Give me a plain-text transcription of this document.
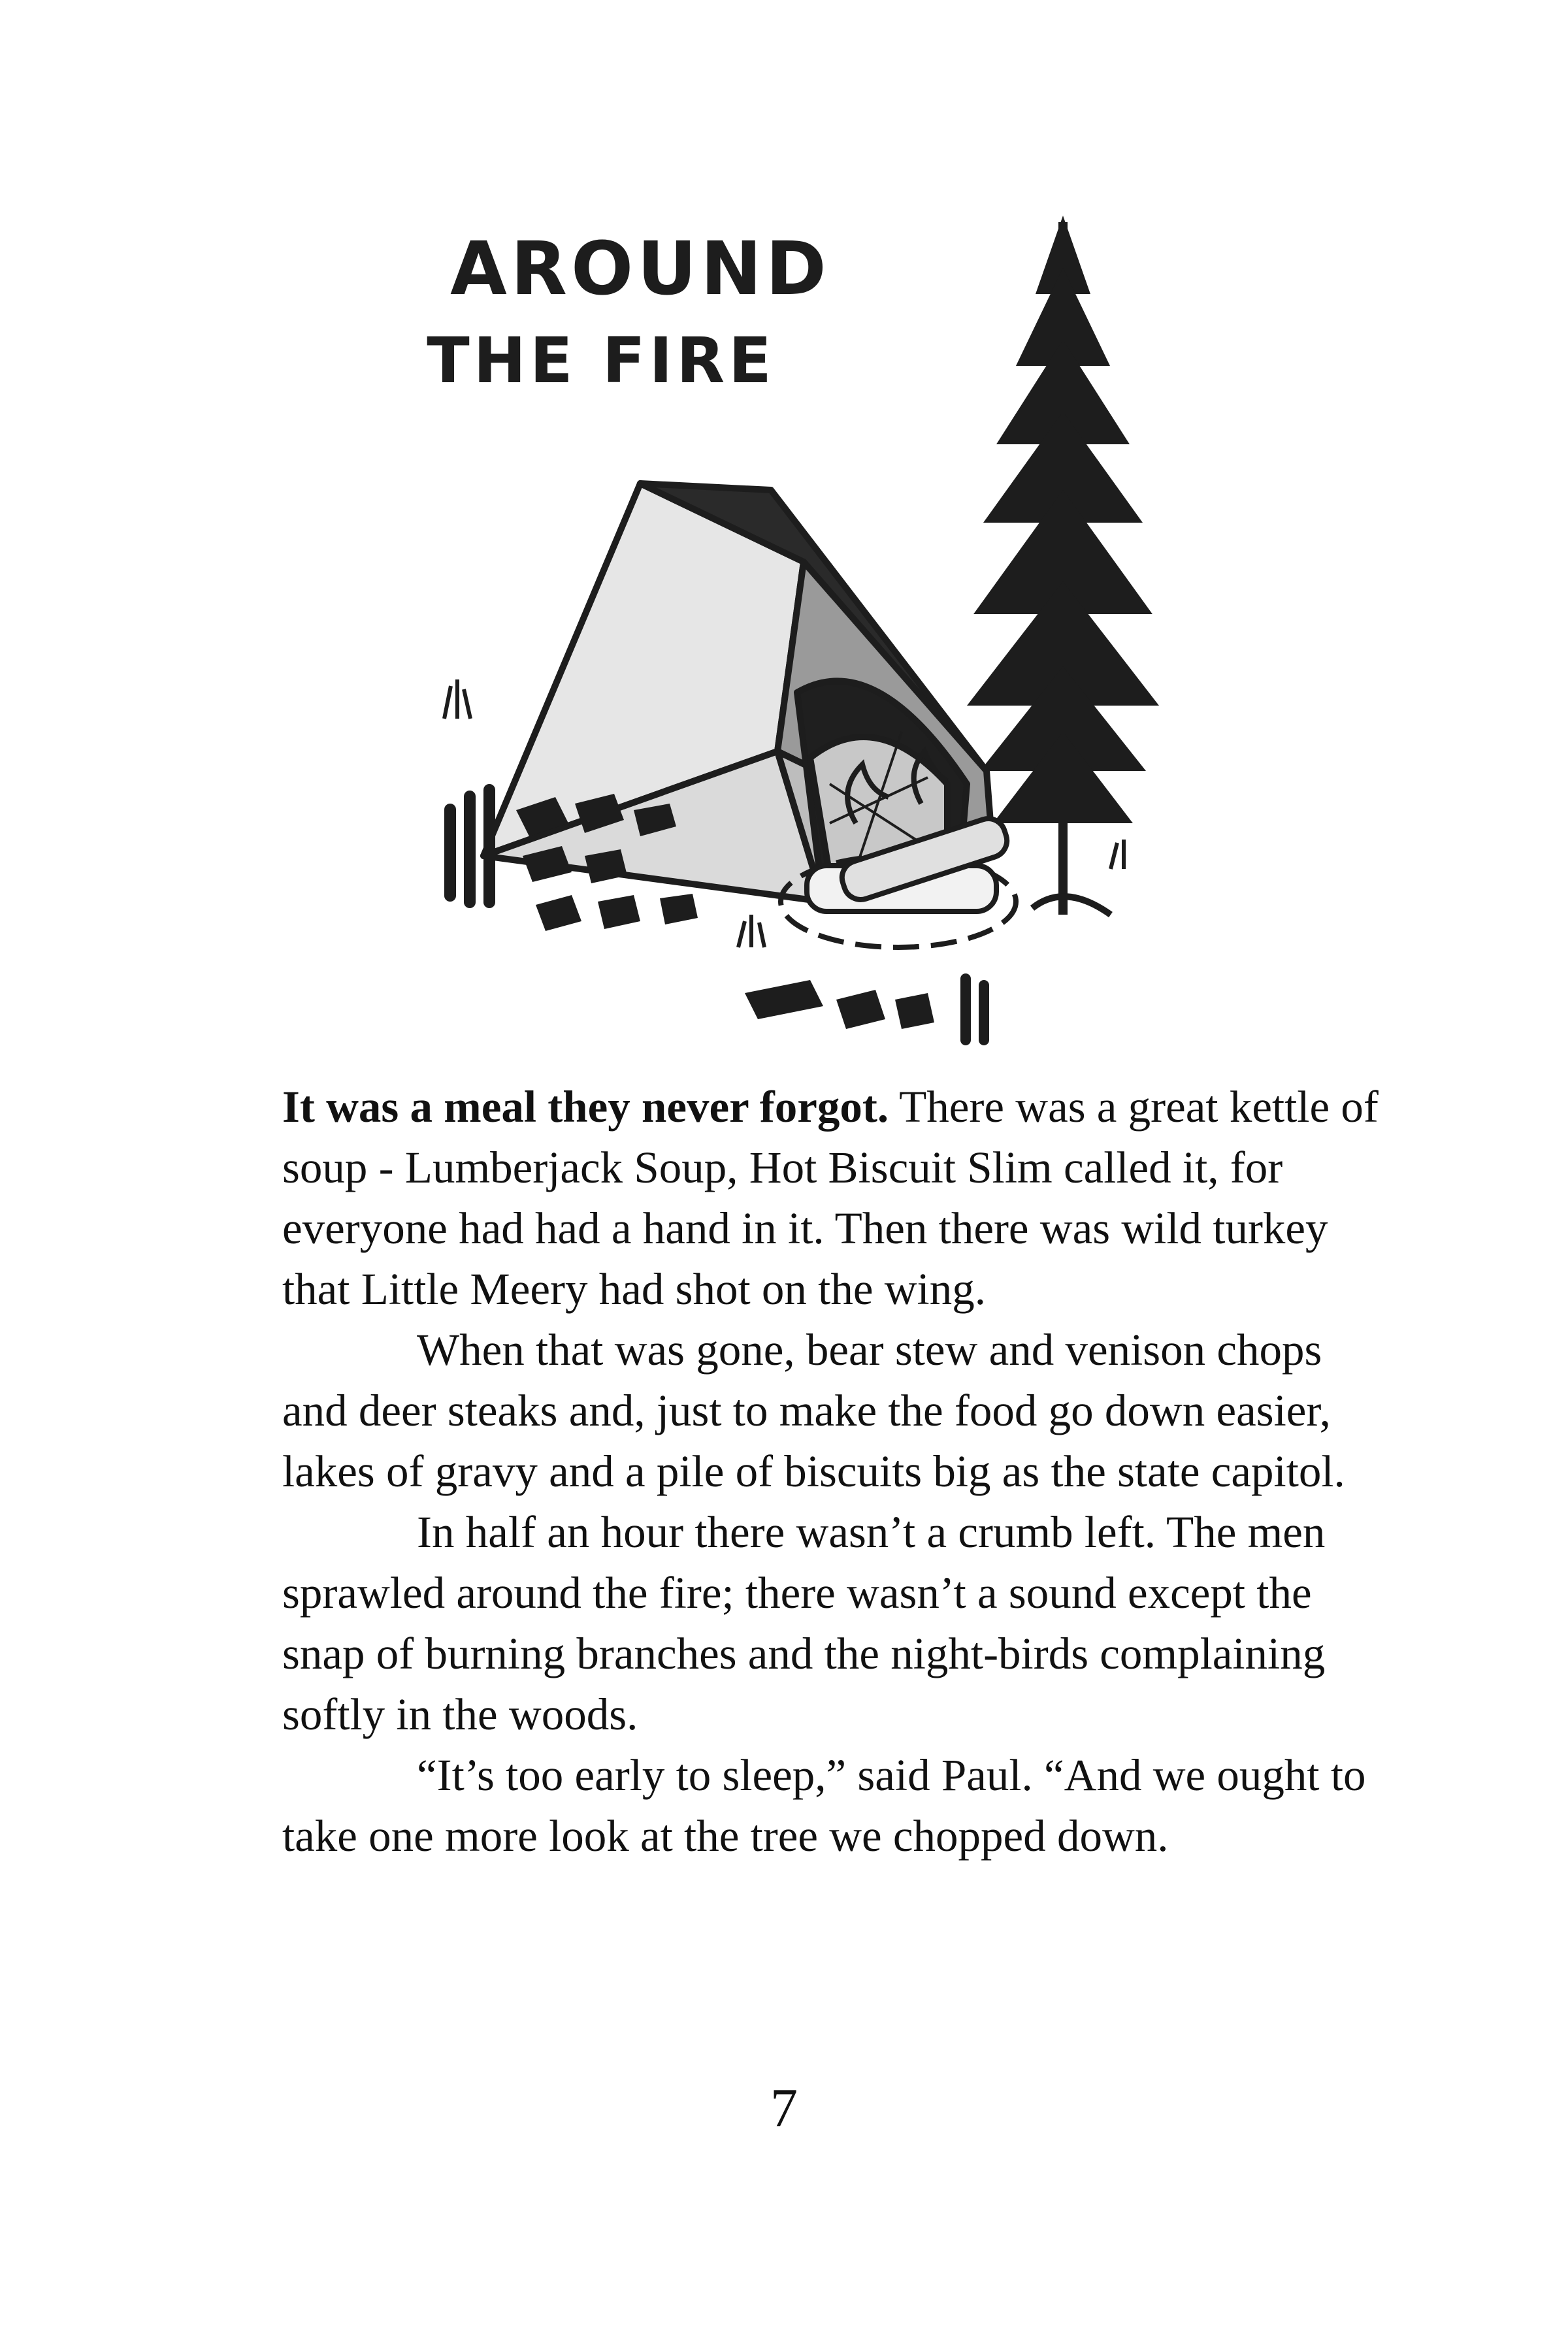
AROUND
THE FIRE

It was a meal they never forgot. There was a great kettle of soup - Lumberjack Soup, Hot Biscuit Slim called it, for everyone had had a hand in it. Then there was wild turkey that Little Meery had shot on the wing.

When that was gone, bear stew and venison chops and deer steaks and, just to make the food go down easier, lakes of gravy and a pile of biscuits big as the state capitol.

In half an hour there wasn’t a crumb left. The men sprawled around the fire; there wasn’t a sound except the snap of burning branches and the night-birds complaining softly in the woods.

“It’s too early to sleep,” said Paul. “And we ought to take one more look at the tree we chopped down.

7
